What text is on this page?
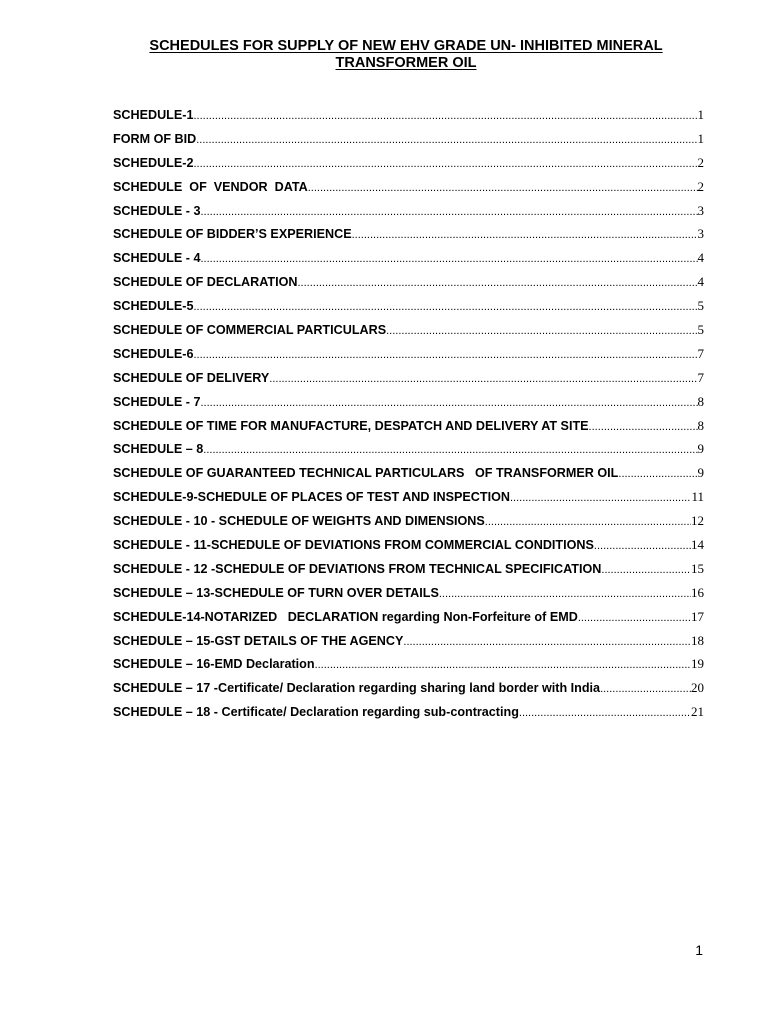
SCHEDULES FOR SUPPLY OF NEW EHV GRADE UN- INHIBITED MINERAL
TRANSFORMER OIL
SCHEDULE-1 .....	1
FORM OF BID .....	1
SCHEDULE-2 .....	2
SCHEDULE  OF  VENDOR  DATA .....	2
SCHEDULE - 3 .....	3
SCHEDULE OF BIDDER’S EXPERIENCE .....	3
SCHEDULE - 4 .....	4
SCHEDULE OF DECLARATION .....	4
SCHEDULE-5 .....	5
SCHEDULE OF COMMERCIAL PARTICULARS .....	5
SCHEDULE-6 .....	7
SCHEDULE OF DELIVERY .....	7
SCHEDULE - 7 .....	8
SCHEDULE OF TIME FOR MANUFACTURE, DESPATCH AND DELIVERY AT SITE .....	8
SCHEDULE – 8 .....	9
SCHEDULE OF GUARANTEED TECHNICAL PARTICULARS   OF TRANSFORMER OIL .....	9
SCHEDULE-9-SCHEDULE OF PLACES OF TEST AND INSPECTION .....	11
SCHEDULE - 10 - SCHEDULE OF WEIGHTS AND DIMENSIONS .....	12
SCHEDULE - 11-SCHEDULE OF DEVIATIONS FROM COMMERCIAL CONDITIONS .....	14
SCHEDULE - 12 -SCHEDULE OF DEVIATIONS FROM TECHNICAL SPECIFICATION .....	15
SCHEDULE – 13-SCHEDULE OF TURN OVER DETAILS .....	16
SCHEDULE-14-NOTARIZED   DECLARATION regarding Non-Forfeiture of EMD .....	17
SCHEDULE – 15-GST DETAILS OF THE AGENCY .....	18
SCHEDULE – 16-EMD Declaration .....	19
SCHEDULE – 17 -Certificate/ Declaration regarding sharing land border with India .....	20
SCHEDULE – 18 - Certificate/ Declaration regarding sub-contracting .....	21
1
